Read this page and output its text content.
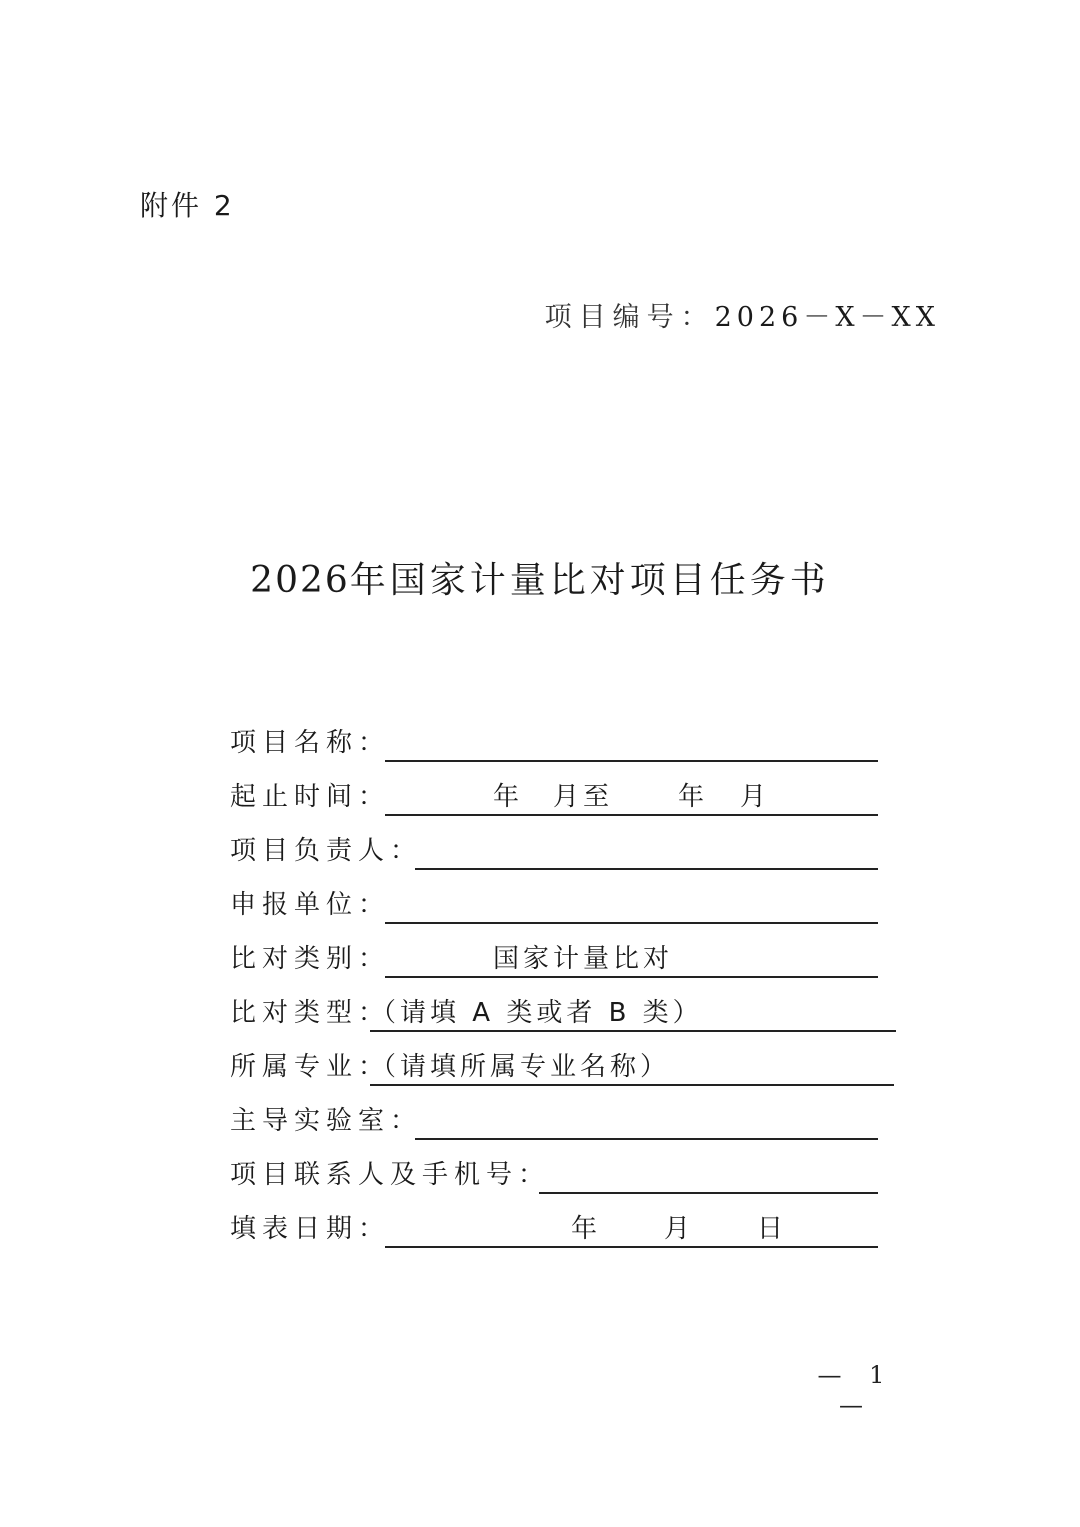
附件 2
项目编号：2026－X－XX
2026年国家计量比对项目任务书
项目名称：
起止时间：	年 月至 年 月
项目负责人：
申报单位：
比对类别：	国家计量比对
比对类型：
（请填 A 类或者 B 类）
所属专业：
（请填所属专业名称）
主导实验室：
项目联系人及手机号：
填表日期：	年 月 日
— 1 —
